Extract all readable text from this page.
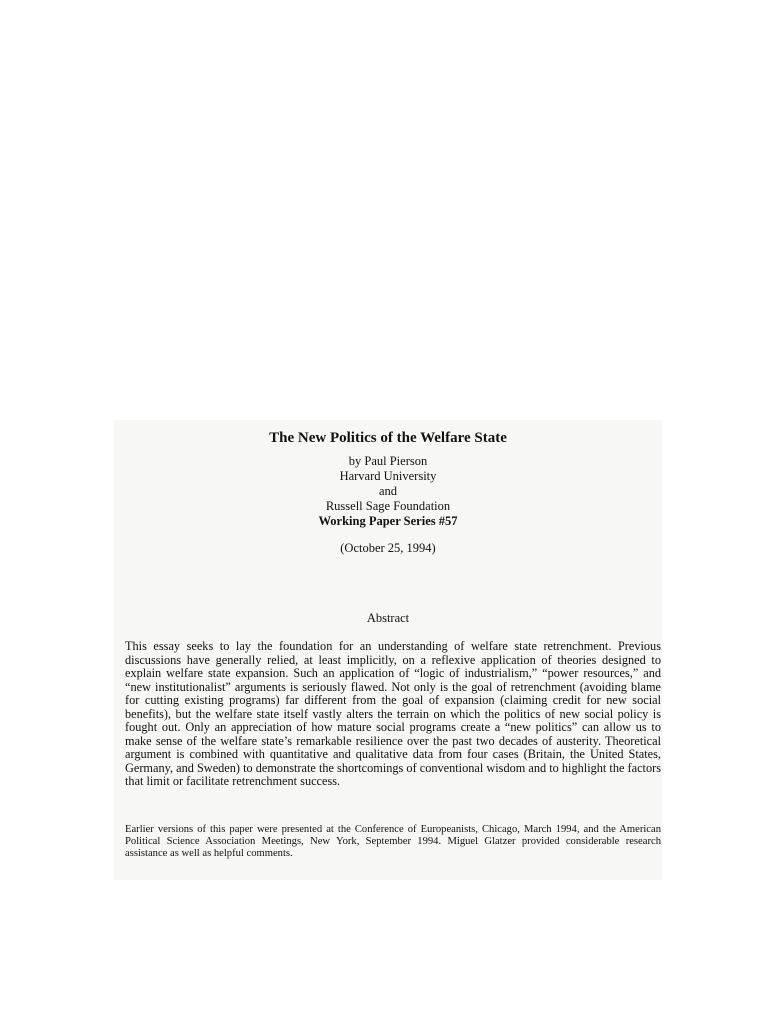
The New Politics of the Welfare State
by Paul Pierson
Harvard University
and
Russell Sage Foundation
Working Paper Series #57
(October 25, 1994)
Abstract

This essay seeks to lay the foundation for an understanding of welfare state retrenchment. Previous discussions have generally relied, at least implicitly, on a reflexive application of theories designed to explain welfare state expansion. Such an application of “logic of industrialism,” “power resources,” and “new institutionalist” arguments is seriously flawed. Not only is the goal of retrenchment (avoiding blame for cutting existing programs) far different from the goal of expansion (claiming credit for new social benefits), but the welfare state itself vastly alters the terrain on which the politics of new social policy is fought out. Only an appreciation of how mature social programs create a “new politics” can allow us to make sense of the welfare state’s remarkable resilience over the past two decades of austerity. Theoretical argument is combined with quantitative and qualitative data from four cases (Britain, the United States, Germany, and Sweden) to demonstrate the shortcomings of conventional wisdom and to highlight the factors that limit or facilitate retrenchment success.

Earlier versions of this paper were presented at the Conference of Europeanists, Chicago, March 1994, and the American Political Science Association Meetings, New York, September 1994. Miguel Glatzer provided considerable research assistance as well as helpful comments.
